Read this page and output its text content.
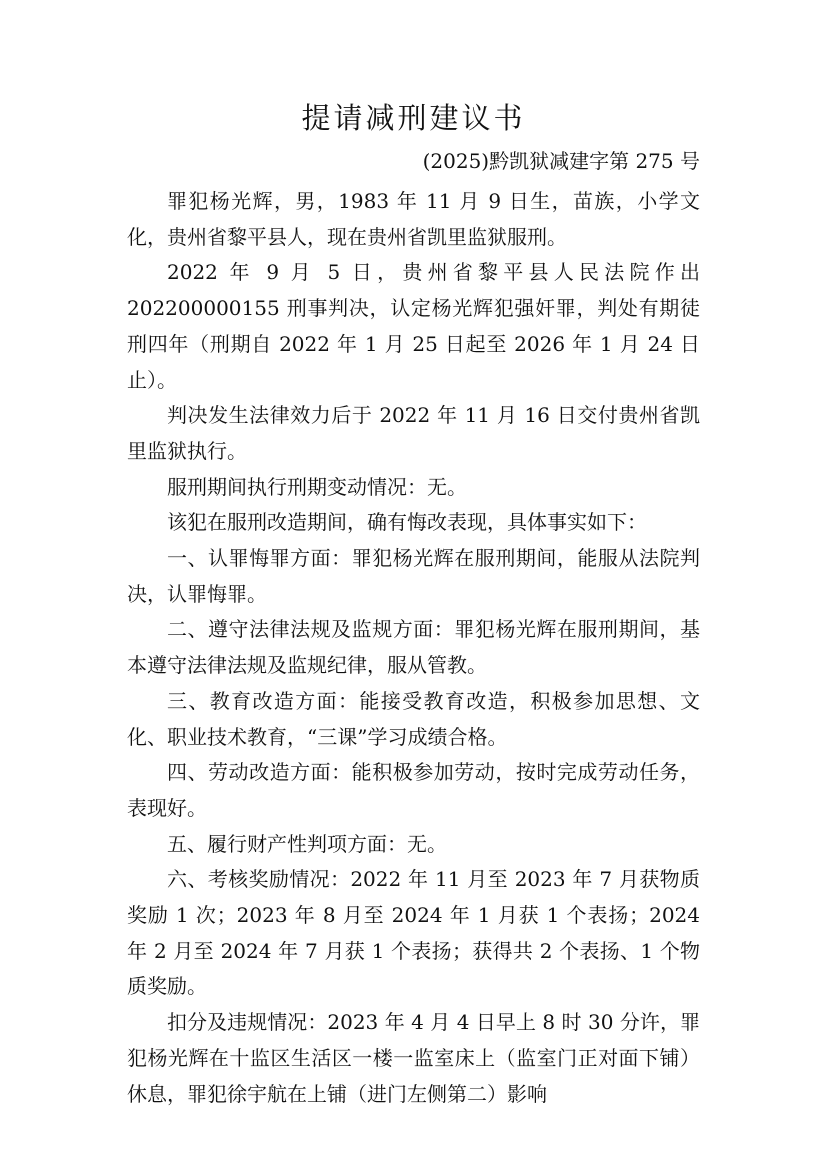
提请减刑建议书
(2025)黔凯狱减建字第 275 号

罪犯杨光辉，男，1983 年 11 月 9 日生，苗族，小学文化，贵州省黎平县人，现在贵州省凯里监狱服刑。

2022 年 9 月 5 日，贵州省黎平县人民法院作出 202200000155 刑事判决，认定杨光辉犯强奸罪，判处有期徒刑四年（刑期自 2022 年 1 月 25 日起至 2026 年 1 月 24 日止）。

判决发生法律效力后于 2022 年 11 月 16 日交付贵州省凯里监狱执行。

服刑期间执行刑期变动情况：无。

该犯在服刑改造期间，确有悔改表现，具体事实如下：

一、认罪悔罪方面：罪犯杨光辉在服刑期间，能服从法院判决，认罪悔罪。

二、遵守法律法规及监规方面：罪犯杨光辉在服刑期间，基本遵守法律法规及监规纪律，服从管教。

三、教育改造方面：能接受教育改造，积极参加思想、文化、职业技术教育，“三课”学习成绩合格。

四、劳动改造方面：能积极参加劳动，按时完成劳动任务，表现好。

五、履行财产性判项方面：无。

六、考核奖励情况：2022 年 11 月至 2023 年 7 月获物质奖励 1 次；2023 年 8 月至 2024 年 1 月获 1 个表扬；2024 年 2 月至 2024 年 7 月获 1 个表扬；获得共 2 个表扬、1 个物质奖励。

扣分及违规情况：2023 年 4 月 4 日早上 8 时 30 分许，罪犯杨光辉在十监区生活区一楼一监室床上（监室门正对面下铺）休息，罪犯徐宇航在上铺（进门左侧第二）影响
